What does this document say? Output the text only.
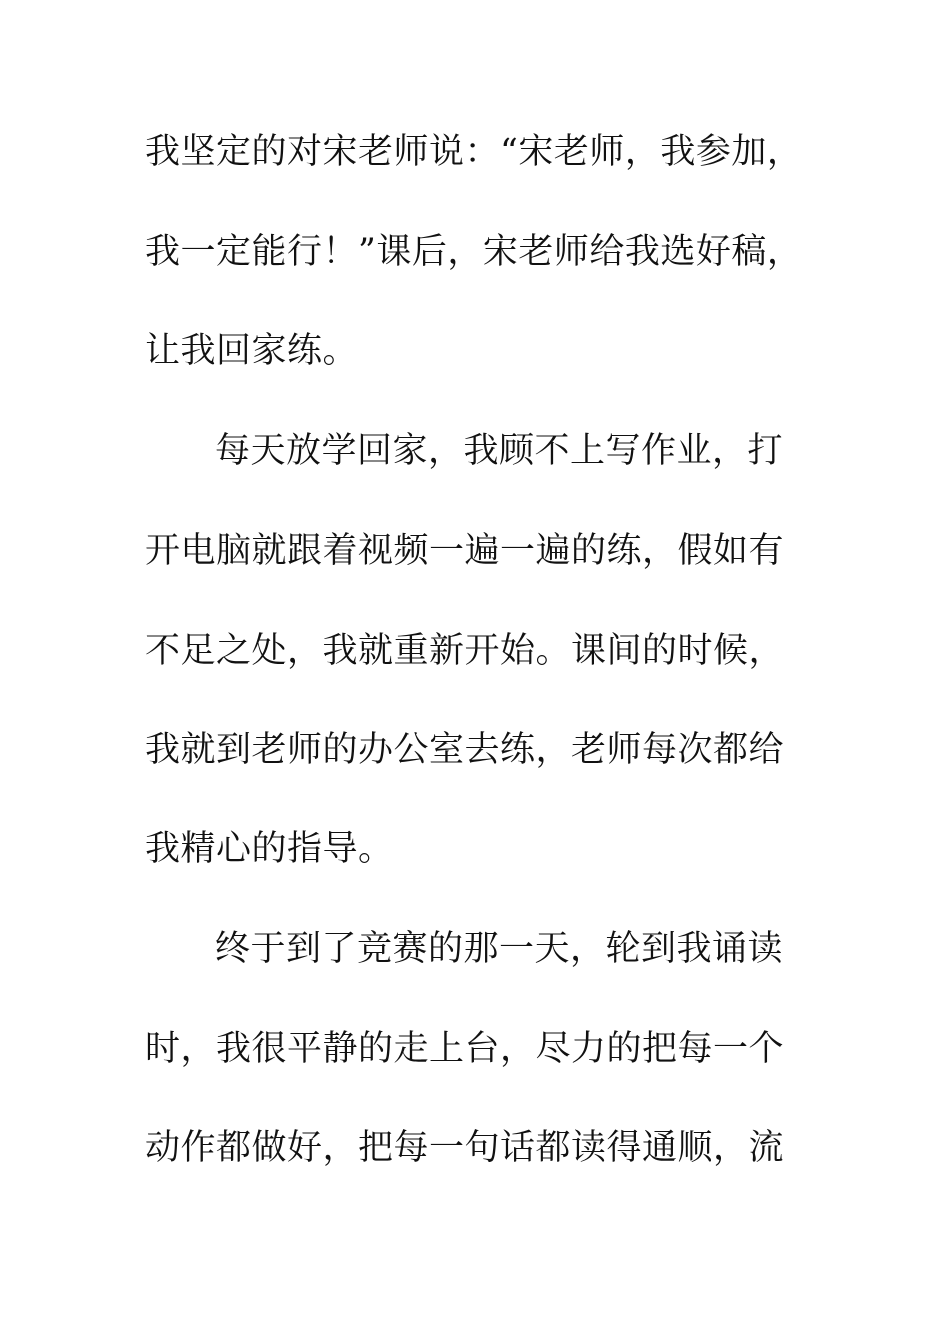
我坚定的对宋老师说：“宋老师，我参加，
我一定能行！”课后，宋老师给我选好稿，
让我回家练。
每天放学回家，我顾不上写作业，打
开电脑就跟着视频一遍一遍的练，假如有
不足之处，我就重新开始。课间的时候，
我就到老师的办公室去练，老师每次都给
我精心的指导。
终于到了竞赛的那一天，轮到我诵读
时，我很平静的走上台，尽力的把每一个
动作都做好，把每一句话都读得通顺，流
